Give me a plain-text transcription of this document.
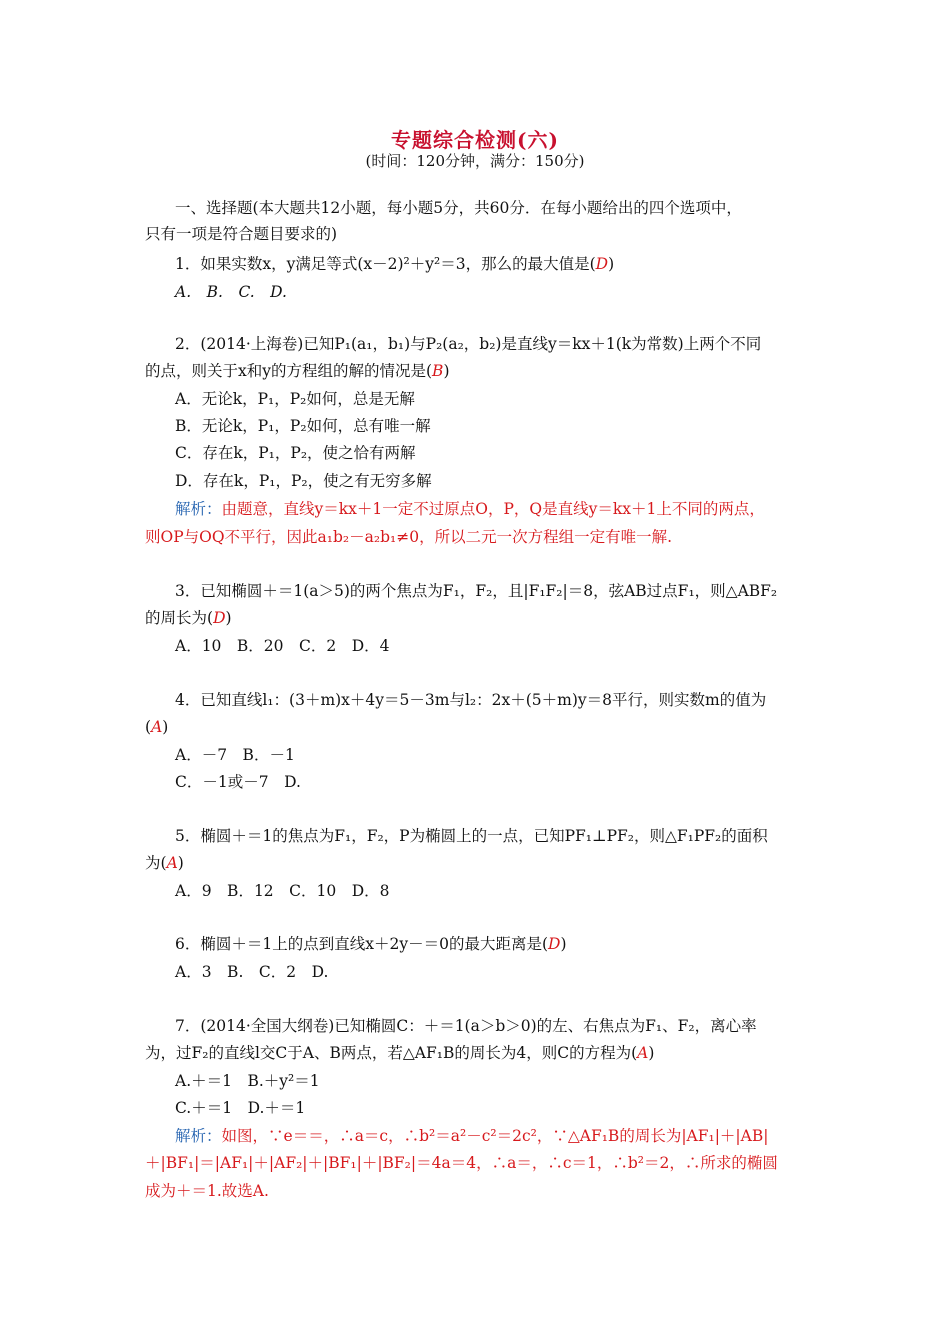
专题综合检测(六)
(时间：120分钟，满分：150分)
一、选择题(本大题共12小题，每小题5分，共60分．在每小题给出的四个选项中，
只有一项是符合题目要求的)
1．如果实数x，y满足等式(x－2)²＋y²＝3，那么的最大值是(D)
A.　B.　C.　D.
2．(2014·上海卷)已知P₁(a₁，b₁)与P₂(a₂，b₂)是直线y＝kx＋1(k为常数)上两个不同
的点，则关于x和y的方程组的解的情况是(B)
A．无论k，P₁，P₂如何，总是无解
B．无论k，P₁，P₂如何，总有唯一解
C．存在k，P₁，P₂，使之恰有两解
D．存在k，P₁，P₂，使之有无穷多解
解析：由题意，直线y＝kx＋1一定不过原点O，P，Q是直线y＝kx＋1上不同的两点，
则OP与OQ不平行，因此a₁b₂－a₂b₁≠0，所以二元一次方程组一定有唯一解.
3．已知椭圆＋＝1(a＞5)的两个焦点为F₁，F₂，且|F₁F₂|＝8，弦AB过点F₁，则△ABF₂
的周长为(D)
A．10　B．20　C．2　D．4
4．已知直线l₁：(3＋m)x＋4y＝5－3m与l₂：2x＋(5＋m)y＝8平行，则实数m的值为
(A)
A．－7　B．－1
C．－1或－7　D.
5．椭圆＋＝1的焦点为F₁，F₂，P为椭圆上的一点，已知PF₁⊥PF₂，则△F₁PF₂的面积
为(A)
A．9　B．12　C．10　D．8
6．椭圆＋＝1上的点到直线x＋2y－＝0的最大距离是(D)
A．3　B.　C．2　D.
7．(2014·全国大纲卷)已知椭圆C：＋＝1(a＞b＞0)的左、右焦点为F₁、F₂，离心率
为，过F₂的直线l交C于A、B两点，若△AF₁B的周长为4，则C的方程为(A)
A.＋＝1　B.＋y²＝1
C.＋＝1　D.＋＝1
解析：如图，∵e＝＝，∴a＝c，∴b²＝a²－c²＝2c²，∵△AF₁B的周长为|AF₁|＋|AB|
＋|BF₁|＝|AF₁|＋|AF₂|＋|BF₁|＋|BF₂|＝4a＝4，∴a＝，∴c＝1，∴b²＝2，∴所求的椭圆
成为＋＝1.故选A.
